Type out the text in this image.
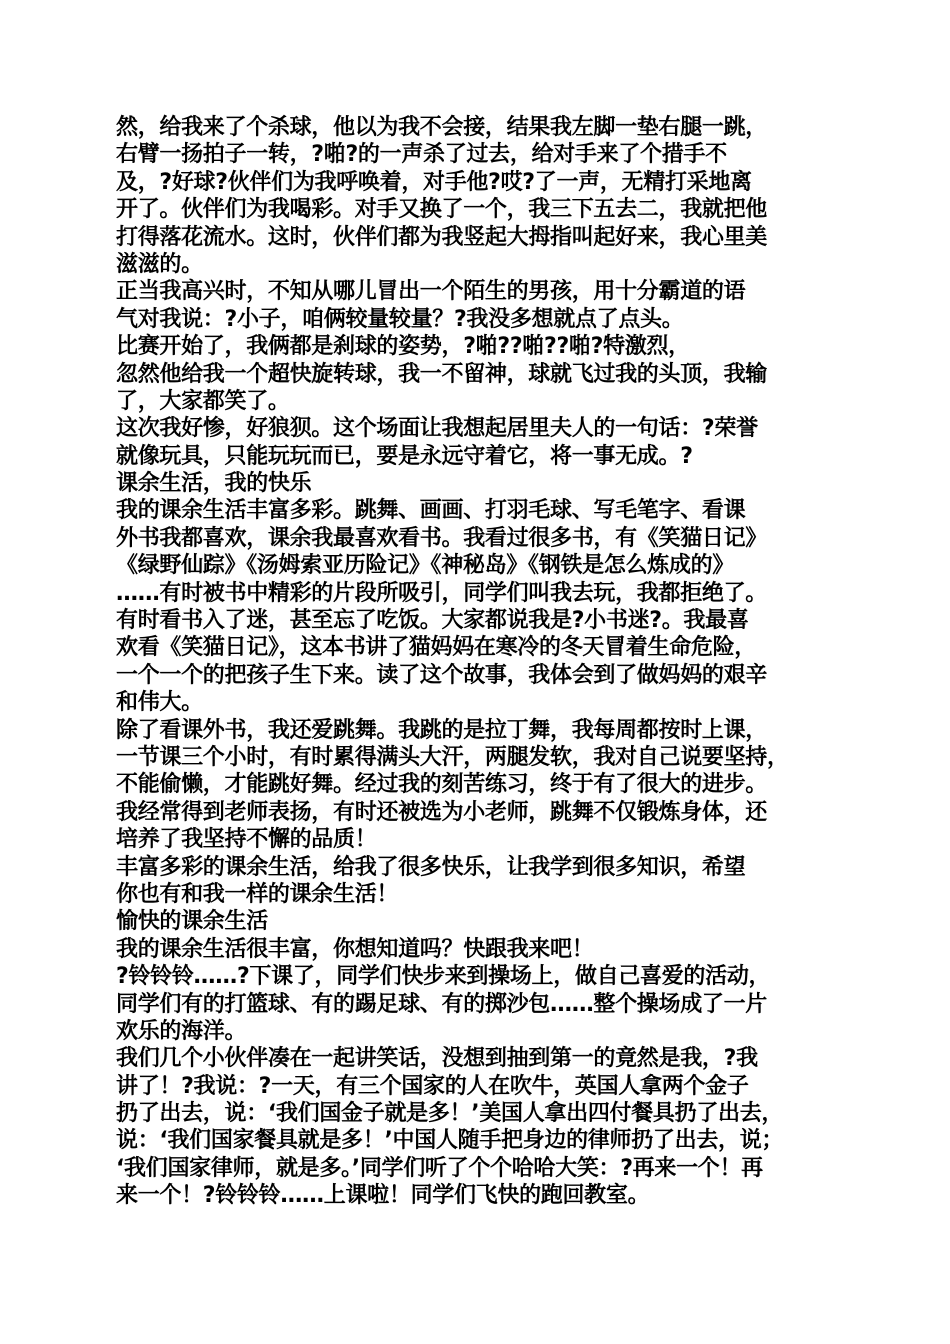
然，给我来了个杀球，他以为我不会接，结果我左脚一垫右腿一跳，
右臂一扬拍子一转，?啪?的一声杀了过去，给对手来了个措手不
及，?好球?伙伴们为我呼唤着，对手他?哎?了一声，无精打采地离
开了。伙伴们为我喝彩。对手又换了一个，我三下五去二，我就把他
打得落花流水。这时，伙伴们都为我竖起大拇指叫起好来，我心里美
滋滋的。
正当我高兴时，不知从哪儿冒出一个陌生的男孩，用十分霸道的语
气对我说：?小子，咱俩较量较量？?我没多想就点了点头。
比赛开始了，我俩都是刹球的姿势，?啪??啪??啪?特激烈，
忽然他给我一个超快旋转球，我一不留神，球就飞过我的头顶，我输
了，大家都笑了。
这次我好惨，好狼狈。这个场面让我想起居里夫人的一句话：?荣誉
就像玩具，只能玩玩而已，要是永远守着它，将一事无成。?
课余生活，我的快乐
我的课余生活丰富多彩。跳舞、画画、打羽毛球、写毛笔字、看课
外书我都喜欢，课余我最喜欢看书。我看过很多书，有《笑猫日记》
《绿野仙踪》《汤姆索亚历险记》《神秘岛》《钢铁是怎么炼成的》
……有时被书中精彩的片段所吸引，同学们叫我去玩，我都拒绝了。
有时看书入了迷，甚至忘了吃饭。大家都说我是?小书迷?。我最喜
欢看《笑猫日记》，这本书讲了猫妈妈在寒冷的冬天冒着生命危险，
一个一个的把孩子生下来。读了这个故事，我体会到了做妈妈的艰辛
和伟大。
除了看课外书，我还爱跳舞。我跳的是拉丁舞，我每周都按时上课，
一节课三个小时，有时累得满头大汗，两腿发软，我对自己说要坚持，
不能偷懒，才能跳好舞。经过我的刻苦练习，终于有了很大的进步。
我经常得到老师表扬，有时还被选为小老师，跳舞不仅锻炼身体，还
培养了我坚持不懈的品质！
丰富多彩的课余生活，给我了很多快乐，让我学到很多知识，希望
你也有和我一样的课余生活！
愉快的课余生活
我的课余生活很丰富，你想知道吗？快跟我来吧！
?铃铃铃……?下课了，同学们快步来到操场上，做自己喜爱的活动，
同学们有的打篮球、有的踢足球、有的掷沙包……整个操场成了一片
欢乐的海洋。
我们几个小伙伴凑在一起讲笑话，没想到抽到第一的竟然是我，?我
讲了！?我说：?一天，有三个国家的人在吹牛，英国人拿两个金子
扔了出去，说：‘我们国金子就是多！’美国人拿出四付餐具扔了出去，
说：‘我们国家餐具就是多！’中国人随手把身边的律师扔了出去，说；
‘我们国家律师，就是多。’同学们听了个个哈哈大笑：?再来一个！再
来一个！?铃铃铃……上课啦！同学们飞快的跑回教室。
